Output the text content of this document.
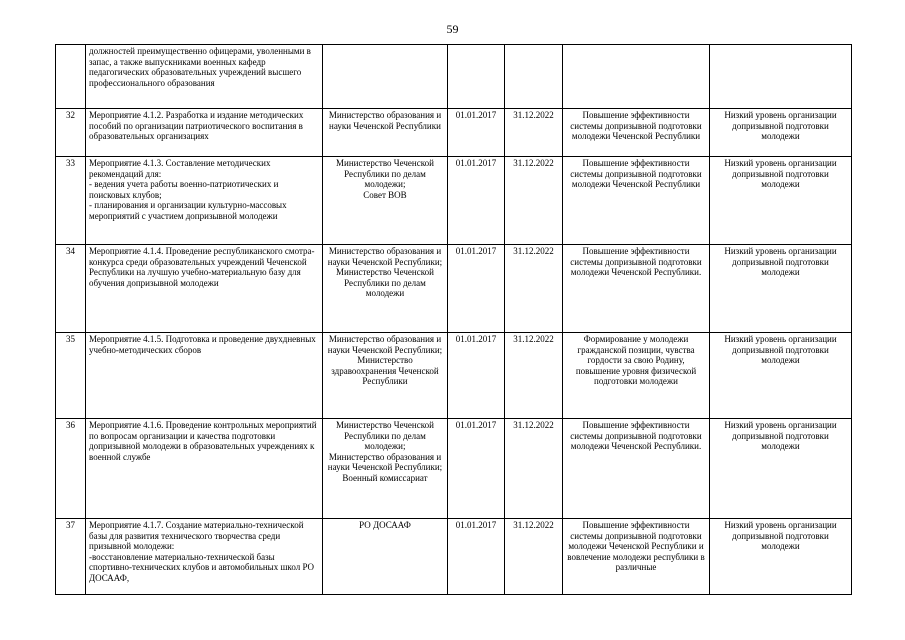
59
	должностей преимущественно офицерами, уволенными в запас, а также выпускниками военных кафедр педагогических образовательных учреждений высшего профессионального образования					
32	Мероприятие 4.1.2. Разработка и издание методических пособий по организации патриотического воспитания в образовательных организациях	Министерство образования и науки Чеченской Республики	01.01.2017	31.12.2022	Повышение эффективности системы допризывной подготовки молодежи Чеченской Республики	Низкий уровень организации допризывной подготовки молодежи
33	Мероприятие 4.1.3. Составление методических рекомендаций для:
- ведения учета работы военно-патриотических и поисковых клубов;
- планирования и организации культурно-массовых мероприятий с участием допризывной молодежи	Министерство Чеченской Республики по делам молодежи;
Совет ВОВ	01.01.2017	31.12.2022	Повышение эффективности системы допризывной подготовки молодежи Чеченской Республики	Низкий уровень организации допризывной подготовки молодежи
34	Мероприятие 4.1.4. Проведение республиканского смотра-конкурса среди образовательных учреждений Чеченской Республики на лучшую учебно-материальную базу для обучения допризывной молодежи	Министерство образования и науки Чеченской Республики;
Министерство Чеченской Республики по делам молодежи	01.01.2017	31.12.2022	Повышение эффективности системы допризывной подготовки молодежи Чеченской Республики.	Низкий уровень организации допризывной подготовки молодежи
35	Мероприятие 4.1.5. Подготовка и проведение двухдневных учебно-методических сборов	Министерство образования и науки Чеченской Республики;
Министерство здравоохранения Чеченской Республики	01.01.2017	31.12.2022	Формирование у молодежи гражданской позиции, чувства гордости за свою Родину, повышение уровня физической подготовки молодежи	Низкий уровень организации допризывной подготовки молодежи
36	Мероприятие 4.1.6. Проведение контрольных мероприятий по вопросам организации и качества подготовки допризывной молодежи в образовательных учреждениях к военной службе	Министерство Чеченской Республики по делам молодежи;
Министерство образования и науки Чеченской Республики;
Военный комиссариат	01.01.2017	31.12.2022	Повышение эффективности системы допризывной подготовки молодежи Чеченской Республики.	Низкий уровень организации допризывной подготовки молодежи
37	Мероприятие 4.1.7. Создание материально-технической базы для развития технического творчества среди призывной молодежи:
-восстановление материально-технической базы спортивно-технических клубов и автомобильных школ РО ДОСААФ,	РО ДОСААФ	01.01.2017	31.12.2022	Повышение эффективности системы допризывной подготовки молодежи Чеченской Республики и вовлечение молодежи республики в различные	Низкий уровень организации допризывной подготовки молодежи
